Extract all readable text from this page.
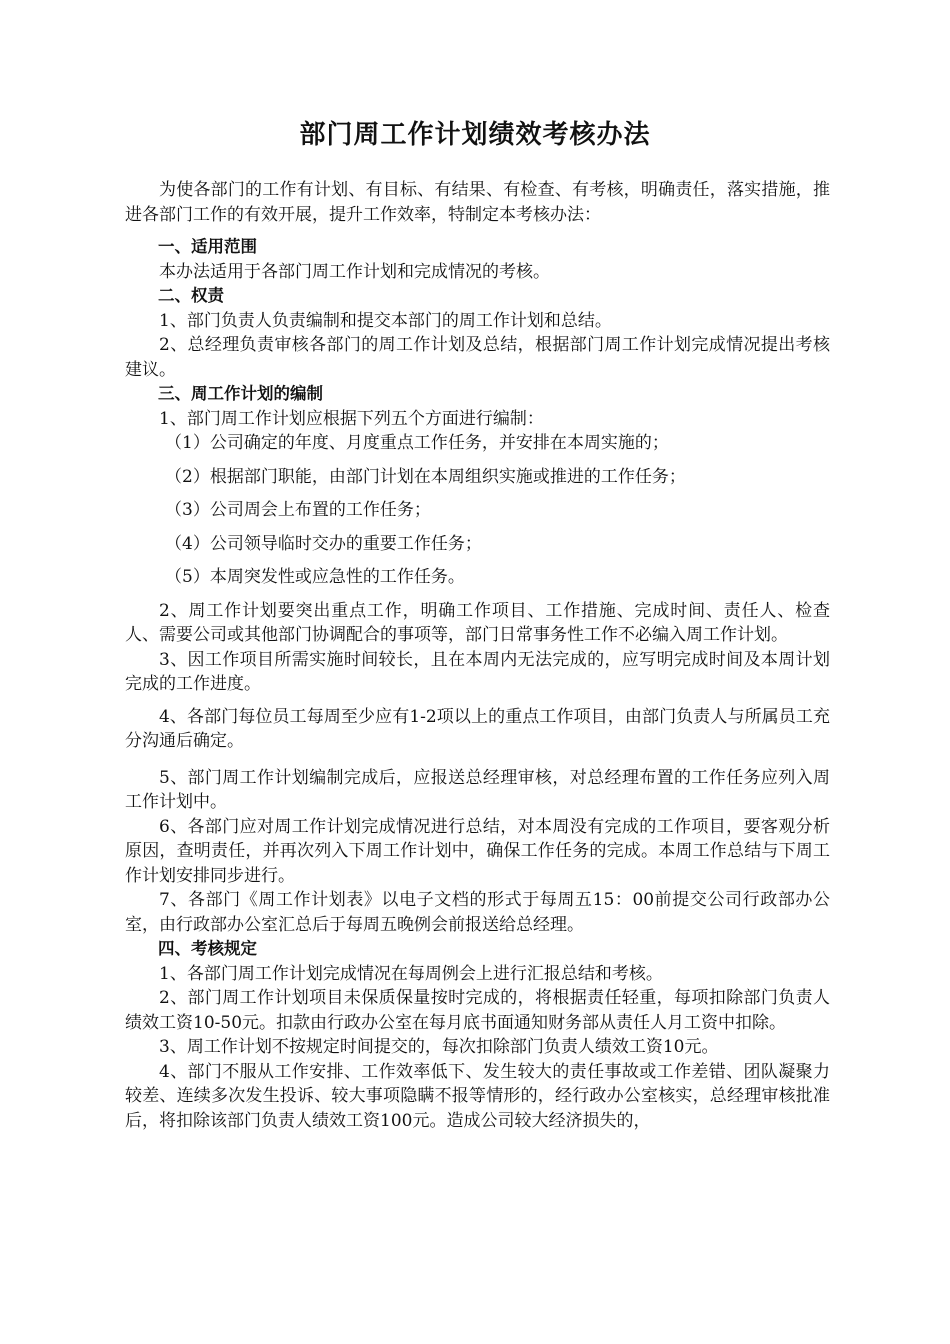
部门周工作计划绩效考核办法

为使各部门的工作有计划、有目标、有结果、有检查、有考核，明确责任，落实措施，推进各部门工作的有效开展，提升工作效率，特制定本考核办法：

一、适用范围

本办法适用于各部门周工作计划和完成情况的考核。

二、权责

1、部门负责人负责编制和提交本部门的周工作计划和总结。

2、总经理负责审核各部门的周工作计划及总结，根据部门周工作计划完成情况提出考核建议。

三、周工作计划的编制

1、部门周工作计划应根据下列五个方面进行编制：

（1）公司确定的年度、月度重点工作任务，并安排在本周实施的；

（2）根据部门职能，由部门计划在本周组织实施或推进的工作任务；

（3）公司周会上布置的工作任务；

（4）公司领导临时交办的重要工作任务；

（5）本周突发性或应急性的工作任务。

2、周工作计划要突出重点工作，明确工作项目、工作措施、完成时间、责任人、检查人、需要公司或其他部门协调配合的事项等，部门日常事务性工作不必编入周工作计划。

3、因工作项目所需实施时间较长，且在本周内无法完成的，应写明完成时间及本周计划完成的工作进度。

4、各部门每位员工每周至少应有1-2项以上的重点工作项目，由部门负责人与所属员工充分沟通后确定。

5、部门周工作计划编制完成后，应报送总经理审核，对总经理布置的工作任务应列入周工作计划中。

6、各部门应对周工作计划完成情况进行总结，对本周没有完成的工作项目，要客观分析原因，查明责任，并再次列入下周工作计划中，确保工作任务的完成。本周工作总结与下周工作计划安排同步进行。

7、各部门《周工作计划表》以电子文档的形式于每周五15：00前提交公司行政部办公室，由行政部办公室汇总后于每周五晚例会前报送给总经理。

四、考核规定

1、各部门周工作计划完成情况在每周例会上进行汇报总结和考核。

2、部门周工作计划项目未保质保量按时完成的，将根据责任轻重，每项扣除部门负责人绩效工资10-50元。扣款由行政办公室在每月底书面通知财务部从责任人月工资中扣除。

3、周工作计划不按规定时间提交的，每次扣除部门负责人绩效工资10元。

4、部门不服从工作安排、工作效率低下、发生较大的责任事故或工作差错、团队凝聚力较差、连续多次发生投诉、较大事项隐瞒不报等情形的，经行政办公室核实，总经理审核批准后，将扣除该部门负责人绩效工资100元。造成公司较大经济损失的，
